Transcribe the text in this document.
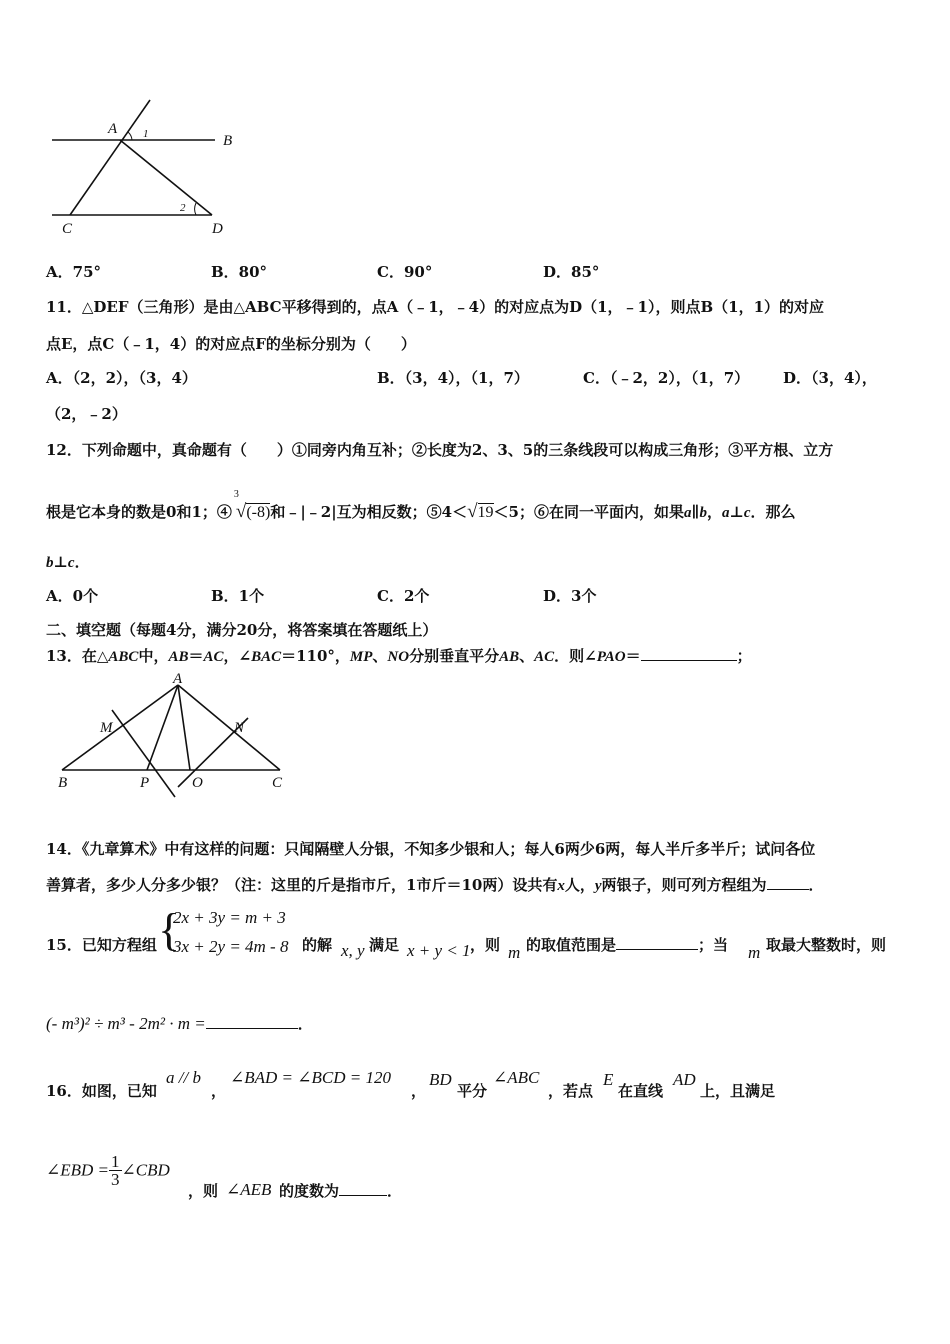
A
B
C	D
1
2
A．75°	B．80°	C．90°	D．85°
11．△DEF（三角形）是由△ABC平移得到的，点A（﹣1，﹣4）的对应点为D（1，﹣1），则点B（1，1）的对应
点E，点C（﹣1，4）的对应点F的坐标分别为（　　）
A．（2，2），（3，4）	B．（3，4），（1，7）	C．（﹣2，2），（1，7） D．（3，4），
（2，﹣2）
12．下列命题中，真命题有（　　）①同旁内角互补；②长度为2、3、5的三条线段可以构成三角形；③平方根、立方
根是它本身的数是0和1；④
3
√(-8)和﹣|﹣2|互为相反数；⑤4＜√19＜5；⑥在同一平面内，如果a∥b，a⊥c．那么
b⊥c．
A．0个	B．1个	C．2个	D．3个
二、填空题（每题4分，满分20分，将答案填在答题纸上）
13．在△ABC中，AB＝AC，∠BAC＝110°，MP、NO分别垂直平分AB、AC．则∠PAO＝	；
A
B	C
M	N
P	O
14．《九章算术》中有这样的问题：只闻隔壁人分银，不知多少银和人；每人6两少6两，每人半斤多半斤；试问各位
善算者，多少人分多少银？（注：这里的斤是指市斤，1市斤＝10两）设共有x人，y两银子，则可列方程组为	．
15．已知方程组 {
2x + 3y = m + 3
3x + 2y = 4m - 8 的解 x, y 满足 x + y < 1 ，则 m 的取值范围是	；当 m 取最大整数时，则
(- m³)² ÷ m³ - 2m² · m =	．
16．如图，已知
a // b
，
∠BAD = ∠BCD = 120
，
BD
平分
∠ABC
，若点
E
在直线
AD
上，且满足
∠EBD = $\frac{1}{3}$ ∠CBD
，则 ∠AEB 的度数为	．
